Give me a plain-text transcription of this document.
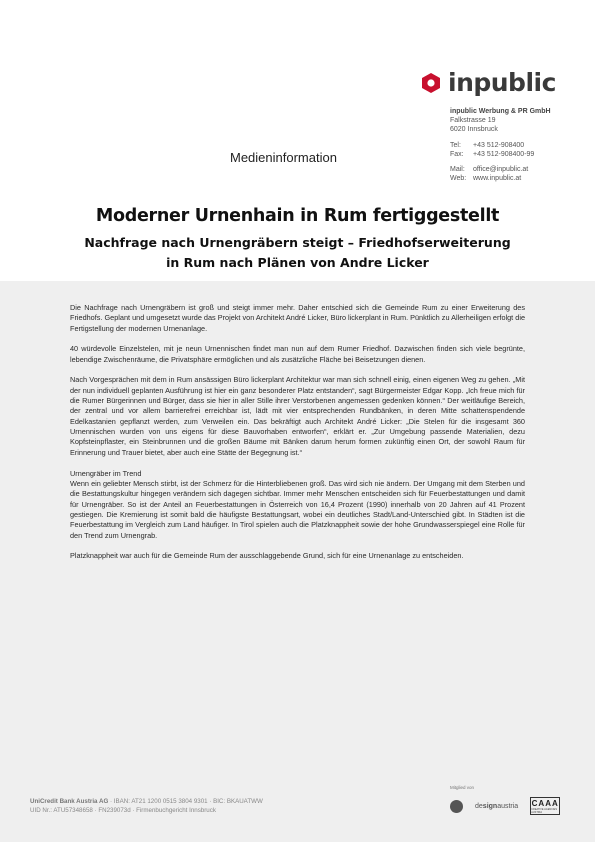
inpublic
inpublic Werbung & PR GmbH
Falkstrasse 19
6020 Innsbruck
Tel:	+43 512-908400
Fax:	+43 512-908400-99
Mail:	office@inpublic.at
Web: www.inpublic.at
Medieninformation
Moderner Urnenhain in Rum fertiggestellt
Nachfrage nach Urnengräbern steigt – Friedhofserweiterung
in Rum nach Plänen von Andre Licker

Die Nachfrage nach Urnengräbern ist groß und steigt immer mehr. Daher entschied sich die Gemeinde Rum zu einer Erweiterung des Friedhofs. Geplant und umgesetzt wurde das Projekt von Architekt André Licker, Büro lickerplant in Rum. Pünktlich zu Allerheiligen erfolgt die Fertigstellung der modernen Urnenanlage.

40 würdevolle Einzelstelen, mit je neun Urnennischen findet man nun auf dem Rumer Friedhof. Dazwischen finden sich viele begrünte, lebendige Zwischenräume, die Privatsphäre ermöglichen und als zusätzliche Fläche bei Beisetzungen dienen.

Nach Vorgesprächen mit dem in Rum ansässigen Büro lickerplant Architektur war man sich schnell einig, einen eigenen Weg zu gehen. „Mit der nun individuell geplanten Ausführung ist hier ein ganz besonderer Platz entstanden“, sagt Bürgermeister Edgar Kopp. „Ich freue mich für die Rumer Bürgerinnen und Bürger, dass sie hier in aller Stille ihrer Verstorbenen angemessen gedenken können.“ Der weitläufige Bereich, der zentral und vor allem barrierefrei erreichbar ist, lädt mit vier entsprechenden Rundbänken, in deren Mitte schattenspendende Edelkastanien gepflanzt werden, zum Verweilen ein. Das bekräftigt auch Architekt André Licker: „Die Stelen für die insgesamt 360 Urnennischen wurden von uns eigens für diese Bauvorhaben entworfen“, erklärt er. „Zur Umgebung passende Materialien, dezu Kopfsteinpflaster, ein Steinbrunnen und die großen Bäume mit Bänken darum herum formen zukünftig einen Ort, der sowohl Raum für Erinnerung und Trauer bietet, aber auch eine Stätte der Begegnung ist.“

Urnengräber im Trend

Wenn ein geliebter Mensch stirbt, ist der Schmerz für die Hinterbliebenen groß. Das wird sich nie ändern. Der Umgang mit dem Sterben und die Bestattungskultur hingegen verändern sich dagegen sichtbar. Immer mehr Menschen entscheiden sich für Feuerbestattungen und damit für Urnengräber. So ist der Anteil an Feuerbestattungen in Österreich von 16,4 Prozent (1990) innerhalb von 20 Jahren auf 41 Prozent gestiegen. Die Kremierung ist somit bald die häufigste Bestattungsart, wobei ein deutliches Stadt/Land-Unterschied gibt. In Städten ist die Feuerbestattung im Vergleich zum Land häufiger. In Tirol spielen auch die Platzknappheit sowie der hohe Grundwasserspiegel eine Rolle für den Trend zum Urnengrab.

Platzknappheit war auch für die Gemeinde Rum der ausschlaggebende Grund, sich für eine Urnenanlage zu entscheiden.

UniCredit Bank Austria AG · IBAN: AT21 1200 0515 3804 9301 · BIC: BKAUATWW
UID Nr.: ATU57348658 · FN239073d · Firmenbuchgericht Innsbruck
Mitglied von
designaustria CAAA
CREATIVE AGENCIES AUSTRIA
